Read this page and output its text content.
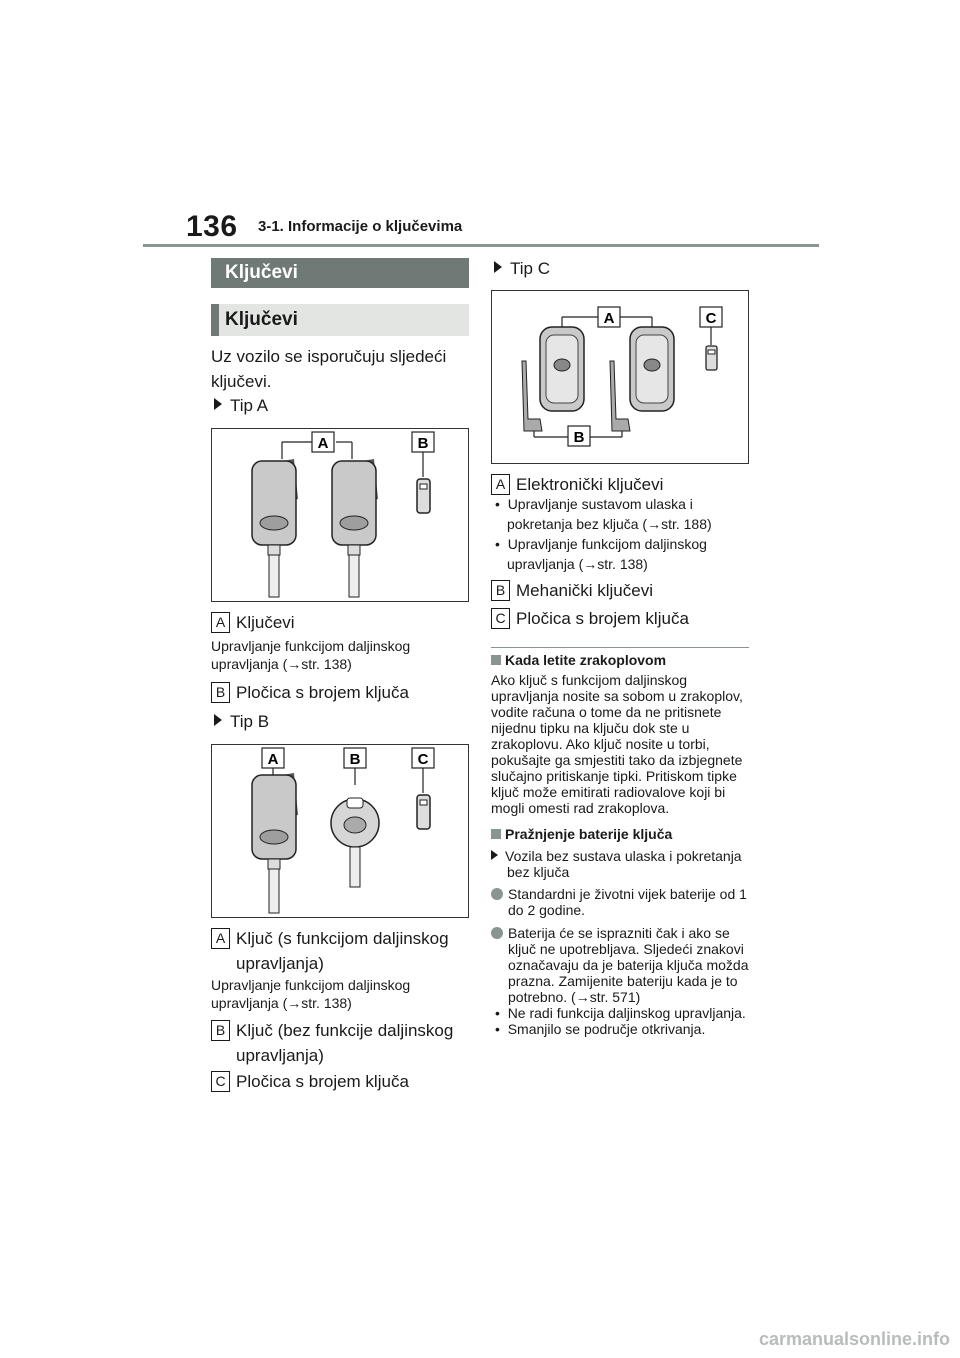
136 3-1. Informacije o ključevima
Ključevi
Ključevi
Uz vozilo se isporučuju sljedeći ključevi.
Tip A
A	B
A Ključevi
Upravljanje funkcijom daljinskog upravljanja (→str. 138)
B Pločica s brojem ključa
Tip B
A	B	C
A Ključ (s funkcijom daljinskog upravljanja)
Upravljanje funkcijom daljinskog upravljanja (→str. 138)
B Ključ (bez funkcije daljinskog upravljanja)
C Pločica s brojem ključa
Tip C
A	C
B
A Elektronički ključevi
•  Upravljanje sustavom ulaska i pokretanja bez ključa (→str. 188)
•  Upravljanje funkcijom daljinskog upravljanja (→str. 138)
B Mehanički ključevi
C Pločica s brojem ključa
Kada letite zrakoplovom
Ako ključ s funkcijom daljinskog upravljanja nosite sa sobom u zrakoplov, vodite računa o tome da ne pritisnete nijednu tipku na ključu dok ste u zrakoplovu. Ako ključ nosite u torbi, pokušajte ga smjestiti tako da izbjegnete slučajno pritiskanje tipki. Pritiskom tipke ključ može emitirati radiovalove koji bi mogli omesti rad zrakoplova.
Pražnjenje baterije ključa
Vozila bez sustava ulaska i pokretanja bez ključa
Standardni je životni vijek baterije od 1 do 2 godine.
Baterija će se isprazniti čak i ako se ključ ne upotrebljava. Sljedeći znakovi označavaju da je baterija ključa možda prazna. Zamijenite bateriju kada je to potrebno. (→str. 571)
•  Ne radi funkcija daljinskog upravljanja.
•  Smanjilo se područje otkrivanja.
carmanualsonline.info
